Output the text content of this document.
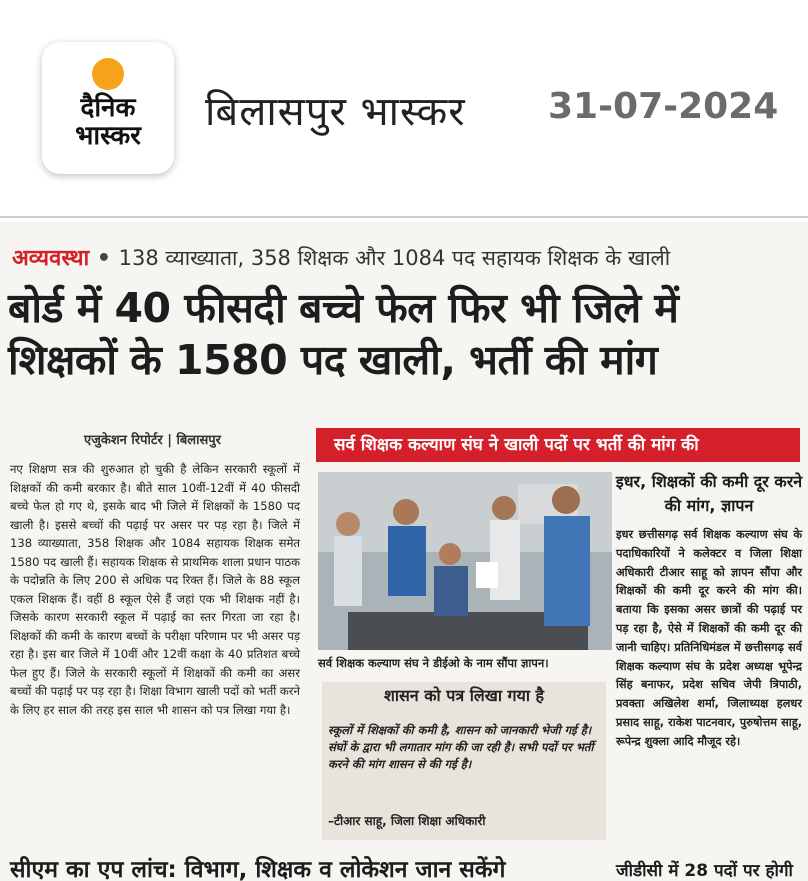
दैनिक
भास्कर
बिलासपुर भास्कर 31-07-2024
अव्यवस्था • 138 व्याख्याता, 358 शिक्षक और 1084 पद सहायक शिक्षक के खाली
बोर्ड में 40 फीसदी बच्चे फेल फिर भी जिले में
शिक्षकों के 1580 पद खाली, भर्ती की मांग
एजुकेशन रिपोर्टर | बिलासपुर
नए शिक्षण सत्र की शुरुआत हो चुकी है लेकिन सरकारी स्कूलों में शिक्षकों की कमी बरकार है। बीते साल 10वीं-12वीं में 40 फीसदी बच्चे फेल हो गए थे, इसके बाद भी जिले में शिक्षकों के 1580 पद खाली है। इससे बच्चों की पढ़ाई पर असर पर पड़ रहा है। जिले में 138 व्याख्याता, 358 शिक्षक और 1084 सहायक शिक्षक समेत 1580 पद खाली हैं। सहायक शिक्षक से प्राथमिक शाला प्रधान पाठक के पदोन्नति के लिए 200 से अधिक पद रिक्त हैं। जिले के 88 स्कूल एकल शिक्षक हैं। वहीं 8 स्कूल ऐसे हैं जहां एक भी शिक्षक नहीं है। जिसके कारण सरकारी स्कूल में पढ़ाई का स्तर गिरता जा रहा है। शिक्षकों की कमी के कारण बच्चों के परीक्षा परिणाम पर भी असर पड़ रहा है। इस बार जिले में 10वीं और 12वीं कक्षा के 40 प्रतिशत बच्चे फेल हुए हैं। जिले के सरकारी स्कूलों में शिक्षकों की कमी का असर बच्चों की पढ़ाई पर पड़ रहा है। शिक्षा विभाग खाली पदों को भर्ती करने के लिए हर साल की तरह इस साल भी शासन को पत्र लिखा गया है।
सर्व शिक्षक कल्याण संघ ने खाली पदों पर भर्ती की मांग की
सर्व शिक्षक कल्याण संघ ने डीईओ के नाम सौंपा ज्ञापन।
शासन को पत्र लिखा गया है
स्कूलों में शिक्षकों की कमी है, शासन को जानकारी भेजी गई है। संघों के द्वारा भी लगातार मांग की जा रही है। सभी पदों पर भर्ती करने की मांग शासन से की गई है।
–टीआर साहू, जिला शिक्षा अधिकारी
इधर, शिक्षकों की कमी दूर करने की मांग, ज्ञापन
इधर छत्तीसगढ़ सर्व शिक्षक कल्याण संघ के पदाधिकारियों ने कलेक्टर व जिला शिक्षा अधिकारी टीआर साहू को ज्ञापन सौंपा और शिक्षकों की कमी दूर करने की मांग की। बताया कि इसका असर छात्रों की पढ़ाई पर पड़ रहा है, ऐसे में शिक्षकों की कमी दूर की जानी चाहिए। प्रतिनिधिमंडल में छत्तीसगढ़ सर्व शिक्षक कल्याण संघ के प्रदेश अध्यक्ष भूपेन्द्र सिंह बनाफर, प्रदेश सचिव जेपी त्रिपाठी, प्रवक्ता अखिलेश शर्मा, जिलाध्यक्ष हलधर प्रसाद साहू, राकेश पाटनवार, पुरुषोत्तम साहू, रूपेन्द्र शुक्ला आदि मौजूद रहे।
सीएम का एप लांच: विभाग, शिक्षक व लोकेशन जान सकेंगे	जीडीसी में 28 पदों पर होगी
